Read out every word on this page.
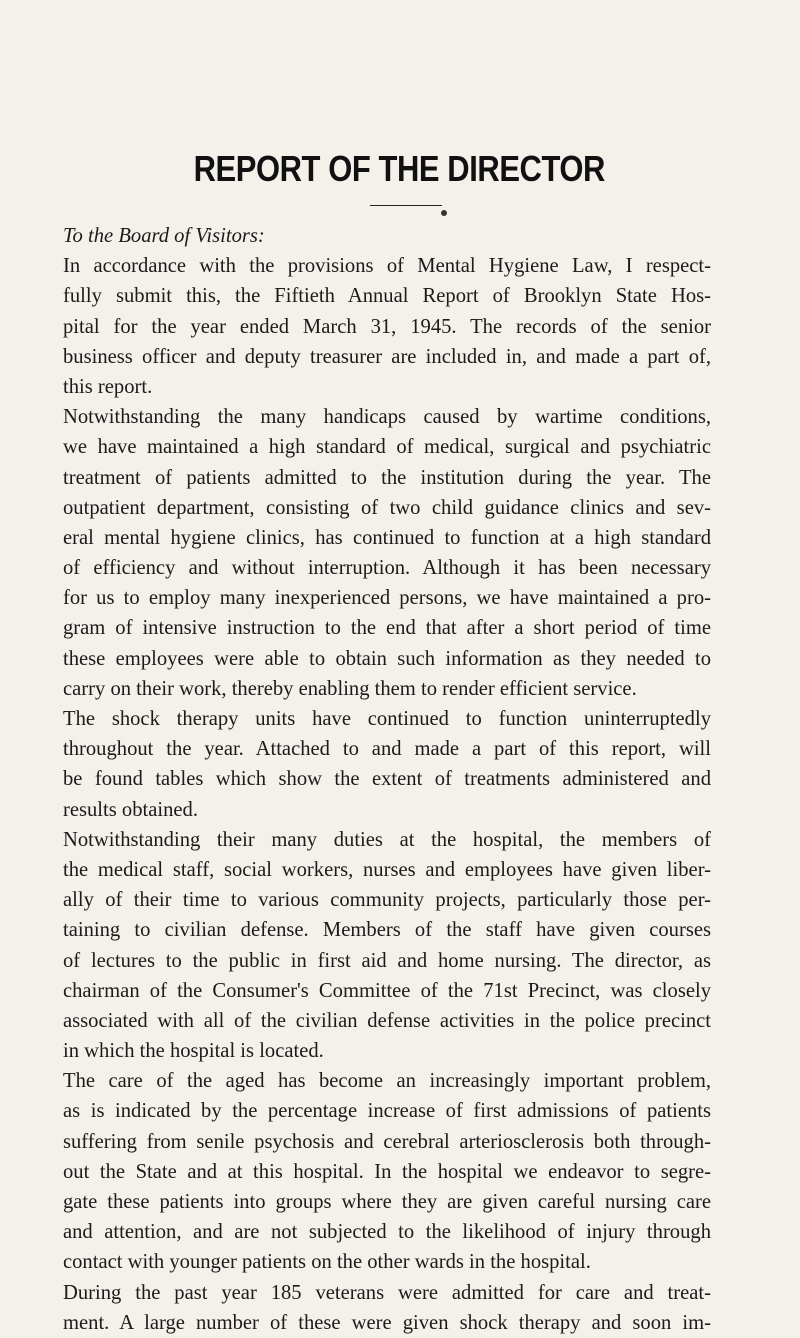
REPORT OF THE DIRECTOR
To the Board of Visitors:
In accordance with the provisions of Mental Hygiene Law, I respect-
fully submit this, the Fiftieth Annual Report of Brooklyn State Hos-
pital for the year ended March 31, 1945. The records of the senior
business officer and deputy treasurer are included in, and made a part of,
this report.
Notwithstanding the many handicaps caused by wartime conditions,
we have maintained a high standard of medical, surgical and psychiatric
treatment of patients admitted to the institution during the year. The
outpatient department, consisting of two child guidance clinics and sev-
eral mental hygiene clinics, has continued to function at a high standard
of efficiency and without interruption. Although it has been necessary
for us to employ many inexperienced persons, we have maintained a pro-
gram of intensive instruction to the end that after a short period of time
these employees were able to obtain such information as they needed to
carry on their work, thereby enabling them to render efficient service.
The shock therapy units have continued to function uninterruptedly
throughout the year. Attached to and made a part of this report, will
be found tables which show the extent of treatments administered and
results obtained.
Notwithstanding their many duties at the hospital, the members of
the medical staff, social workers, nurses and employees have given liber-
ally of their time to various community projects, particularly those per-
taining to civilian defense. Members of the staff have given courses
of lectures to the public in first aid and home nursing. The director, as
chairman of the Consumer's Committee of the 71st Precinct, was closely
associated with all of the civilian defense activities in the police precinct
in which the hospital is located.
The care of the aged has become an increasingly important problem,
as is indicated by the percentage increase of first admissions of patients
suffering from senile psychosis and cerebral arteriosclerosis both through-
out the State and at this hospital. In the hospital we endeavor to segre-
gate these patients into groups where they are given careful nursing care
and attention, and are not subjected to the likelihood of injury through
contact with younger patients on the other wards in the hospital.
During the past year 185 veterans were admitted for care and treat-
ment. A large number of these were given shock therapy and soon im-
